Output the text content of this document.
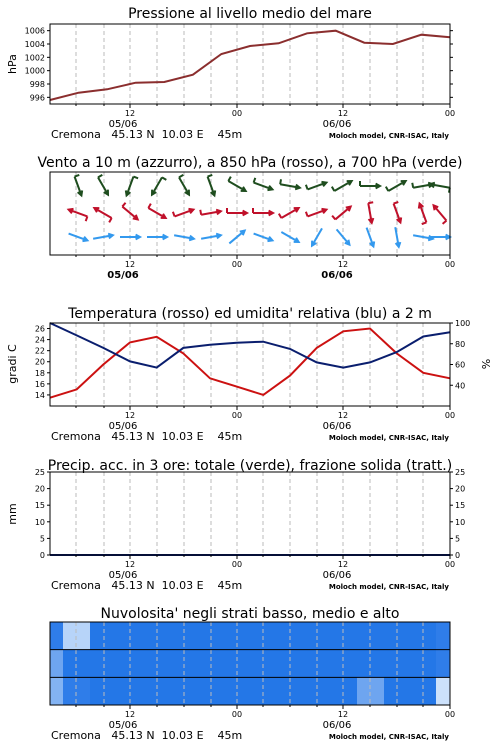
Pressione al livello medio del mare
hPa
Vento a 10 m (azzurro), a 850 hPa (rosso), a 700 hPa (verde)
Temperatura (rosso) ed umidita' relativa (blu) a 2 m
gradi C	%
Precip. acc. in 3 ore: totale (verde), frazione solida (tratt.)
mm
Nuvolosita' negli strati basso, medio e alto
996
998
1000
1002
1004
1006
12	00	12	00
05/06	06/06
Cremona   45.13 N  10.03 E    45m	Moloch model, CNR-ISAC, Italy
12	00	12	00
05/06	06/06
14
16
18
20
22
24
26
40
60
80
100
12	00	12	00
05/06	06/06
Cremona   45.13 N  10.03 E    45m	Moloch model, CNR-ISAC, Italy
0	0
5	5
10	10
15	15
20	20
25	25
12	00	12	00
05/06	06/06
Cremona   45.13 N  10.03 E    45m	Moloch model, CNR-ISAC, Italy
12	00	12	00
05/06	06/06
Cremona   45.13 N  10.03 E    45m	Moloch model, CNR-ISAC, Italy
